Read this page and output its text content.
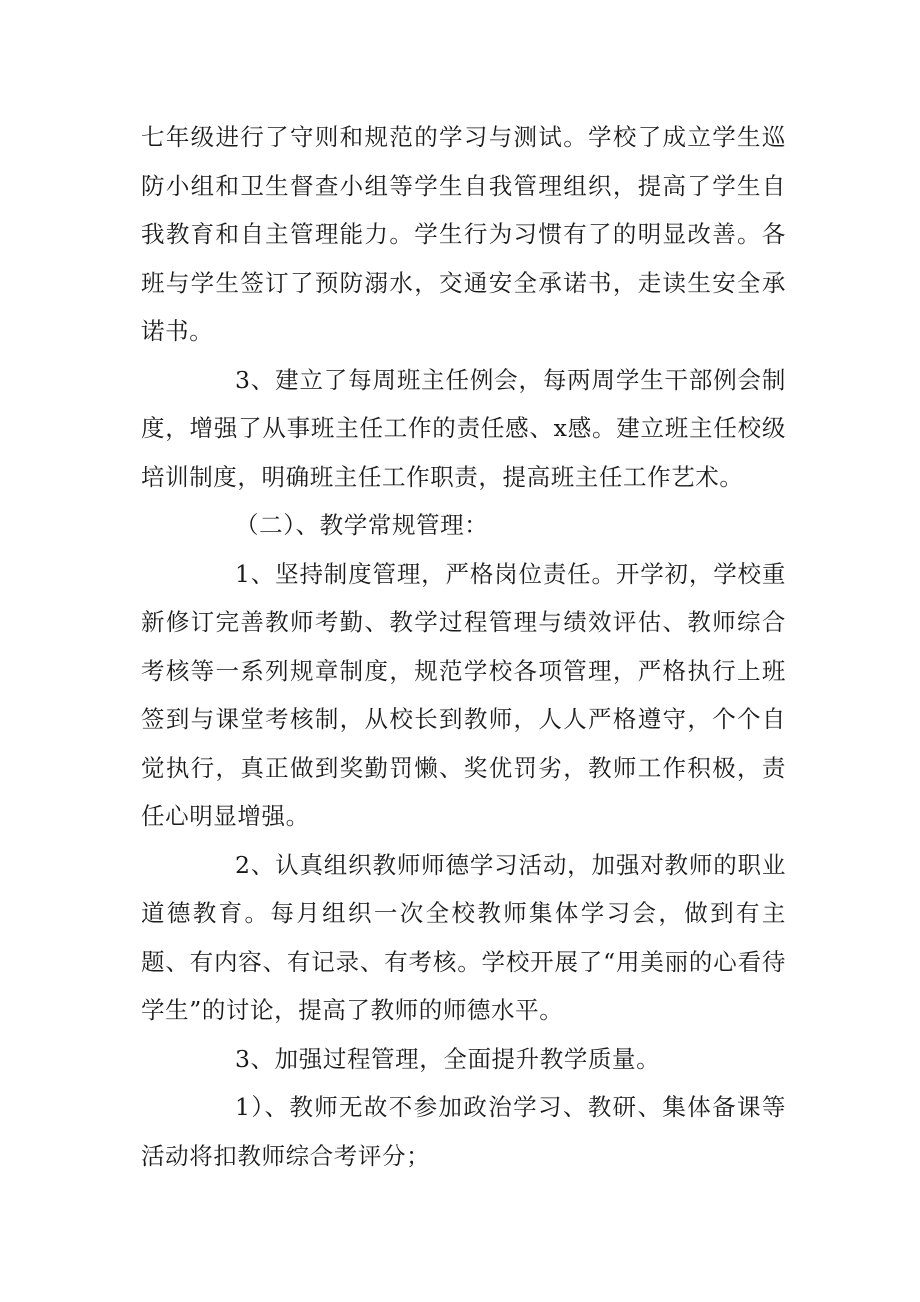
七年级进行了守则和规范的学习与测试。学校了成立学生巡防小组和卫生督查小组等学生自我管理组织，提高了学生自我教育和自主管理能力。学生行为习惯有了的明显改善。各班与学生签订了预防溺水，交通安全承诺书，走读生安全承诺书。

3、建立了每周班主任例会，每两周学生干部例会制度，增强了从事班主任工作的责任感、x感。建立班主任校级培训制度，明确班主任工作职责，提高班主任工作艺术。

（二）、教学常规管理：

1、坚持制度管理，严格岗位责任。开学初，学校重新修订完善教师考勤、教学过程管理与绩效评估、教师综合考核等一系列规章制度，规范学校各项管理，严格执行上班签到与课堂考核制，从校长到教师，人人严格遵守，个个自觉执行，真正做到奖勤罚懒、奖优罚劣，教师工作积极，责任心明显增强。

2、认真组织教师师德学习活动，加强对教师的职业道德教育。每月组织一次全校教师集体学习会，做到有主题、有内容、有记录、有考核。学校开展了“用美丽的心看待学生”的讨论，提高了教师的师德水平。

3、加强过程管理，全面提升教学质量。

1）、教师无故不参加政治学习、教研、集体备课等活动将扣教师综合考评分；
